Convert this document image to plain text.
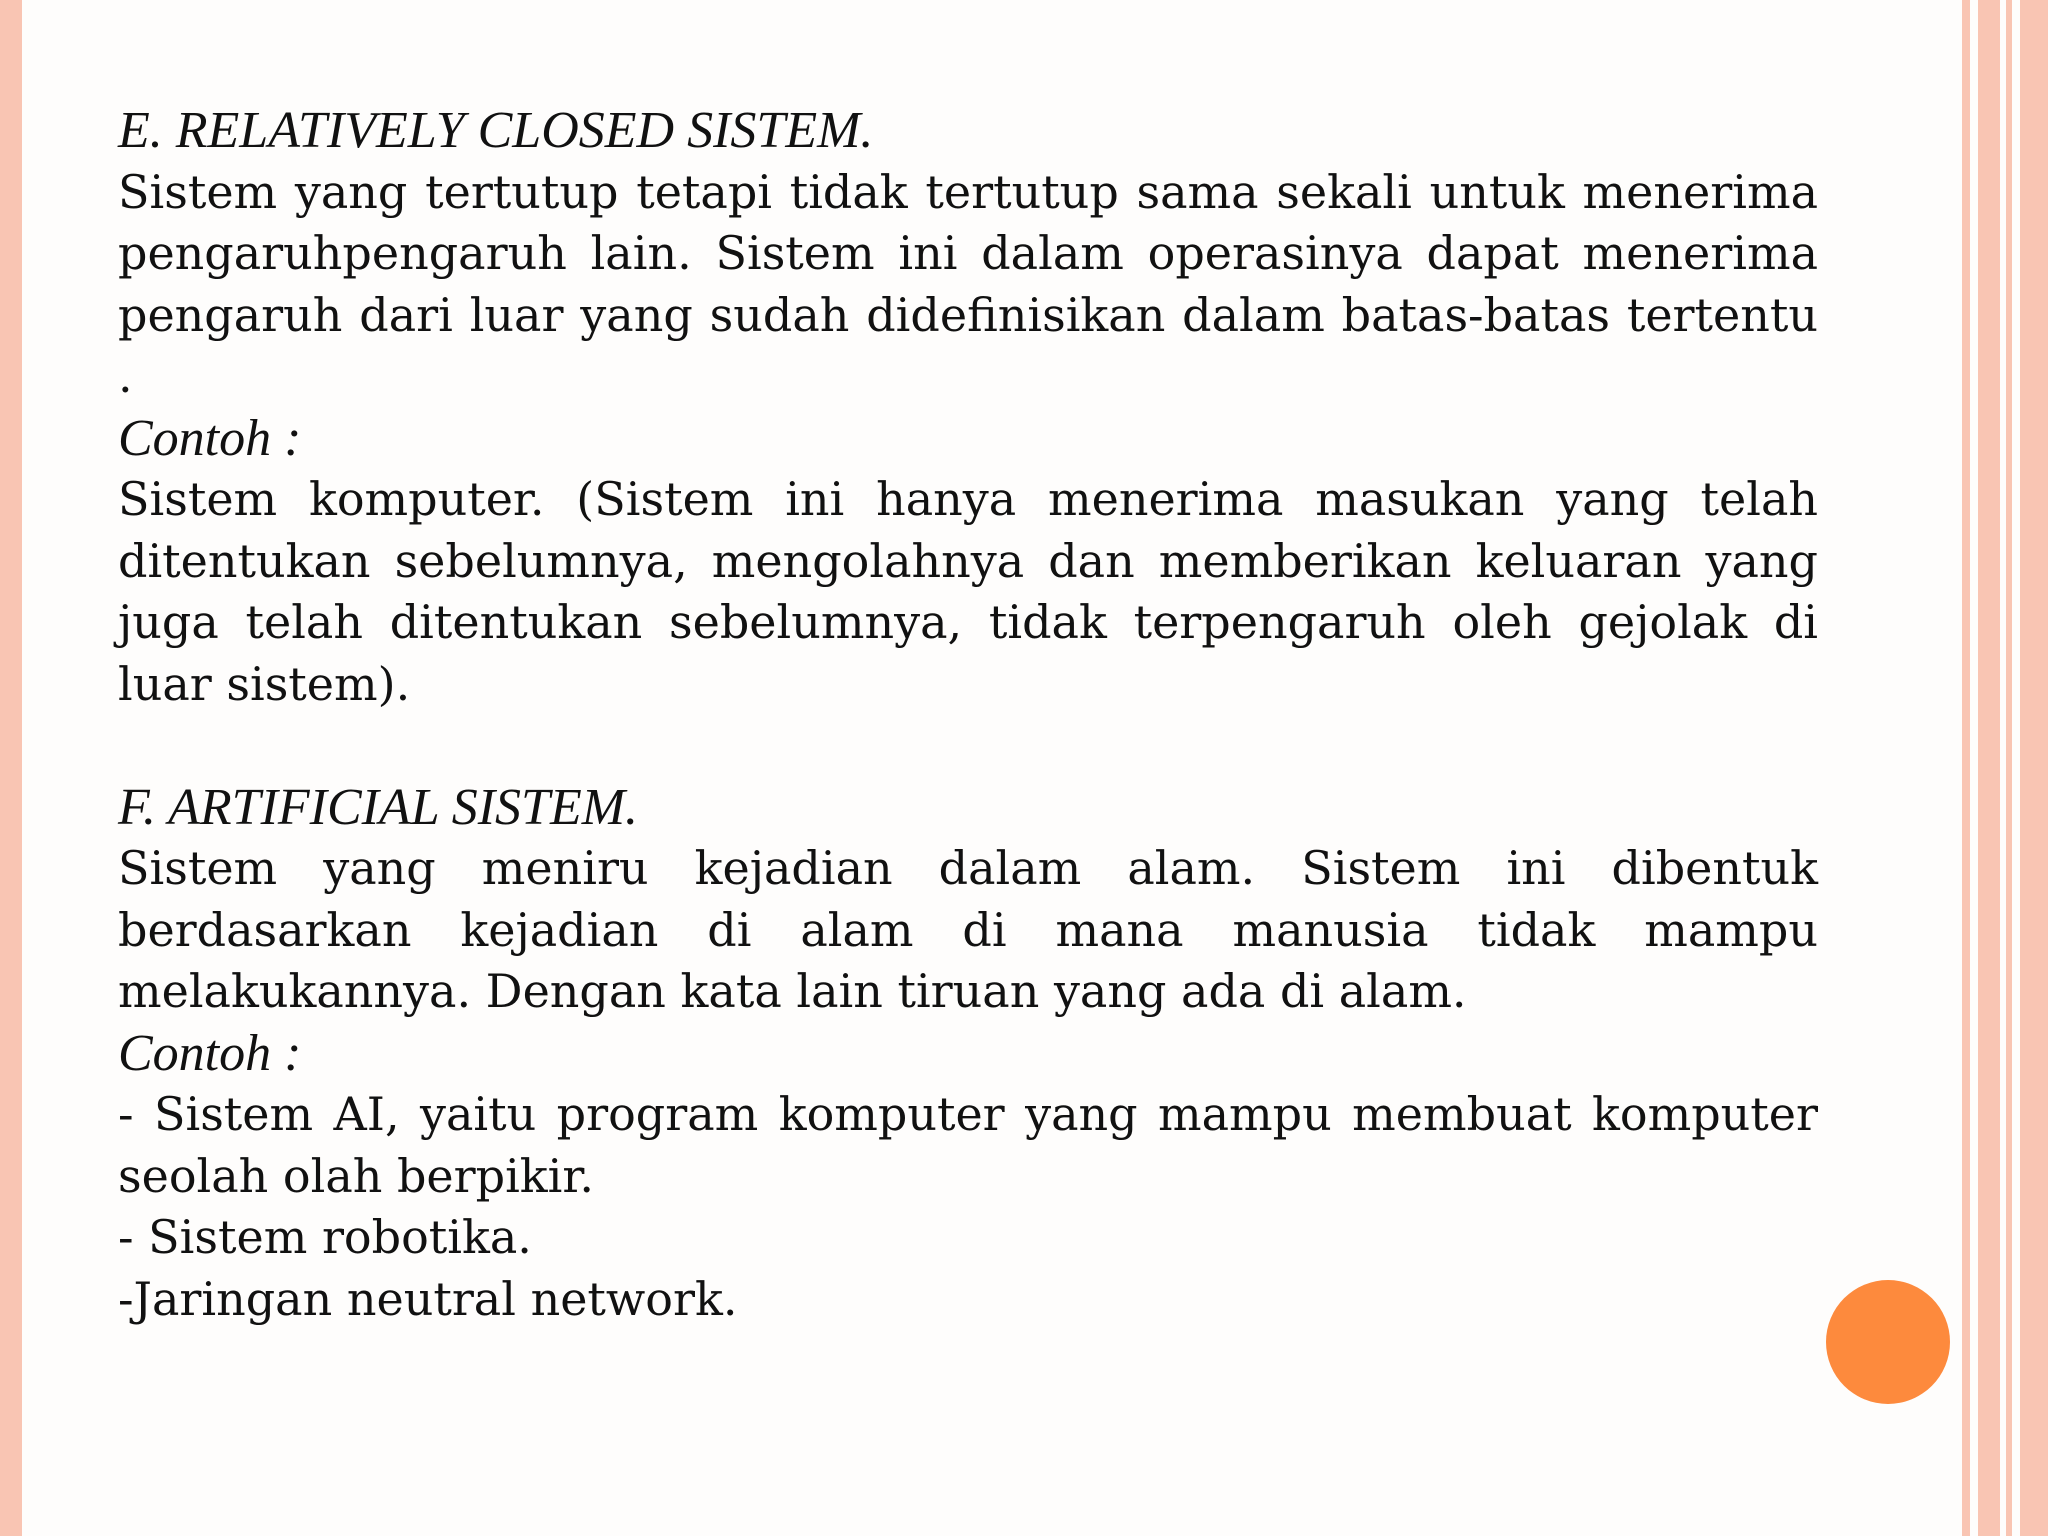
E. RELATIVELY CLOSED SISTEM.

Sistem yang tertutup tetapi tidak tertutup sama sekali untuk menerima pengaruhpengaruh lain. Sistem ini dalam operasinya dapat menerima pengaruh dari luar yang sudah didefinisikan dalam batas-batas tertentu .

Contoh :

Sistem komputer. (Sistem ini hanya menerima masukan yang telah ditentukan sebelumnya, mengolahnya dan memberikan keluaran yang juga telah ditentukan sebelumnya, tidak terpengaruh oleh gejolak di luar sistem).

F. ARTIFICIAL SISTEM.

Sistem yang meniru kejadian dalam alam. Sistem ini dibentuk berdasarkan kejadian di alam di mana manusia tidak mampu melakukannya. Dengan kata lain tiruan yang ada di alam.

Contoh :

- Sistem AI, yaitu program komputer yang mampu membuat komputer seolah olah berpikir.

- Sistem robotika.

-Jaringan neutral network.
